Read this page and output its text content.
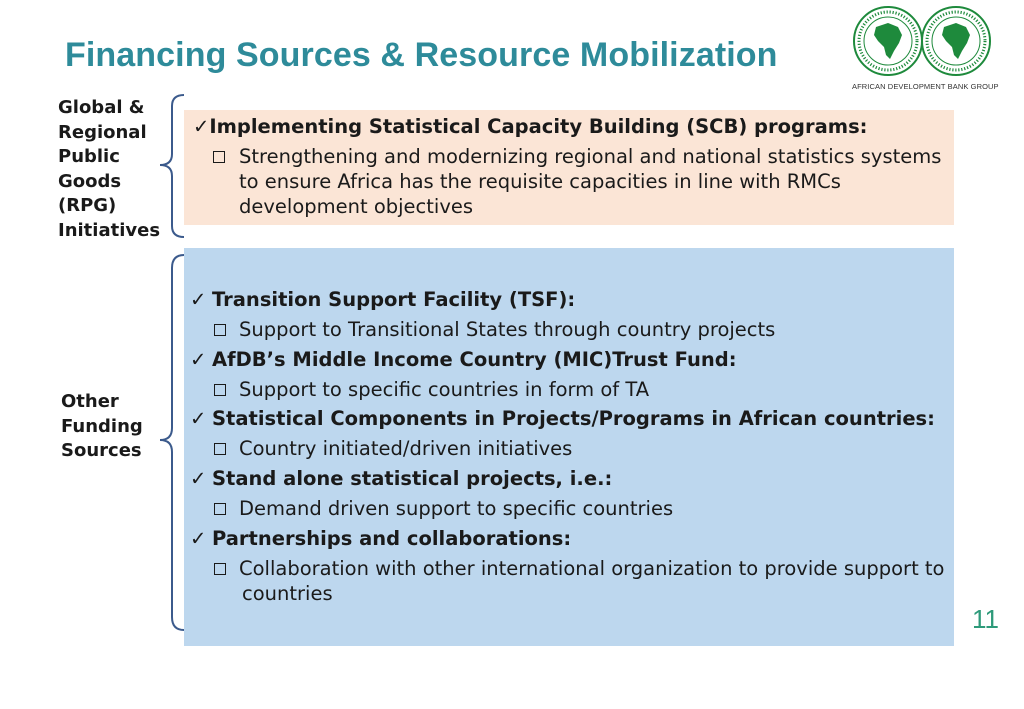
Financing Sources & Resource Mobilization
AFRICAN DEVELOPMENT BANK GROUP
Global &
Regional
Public
Goods
(RPG)
Initiatives
Other
Funding
Sources
✓Implementing Statistical Capacity Building (SCB) programs:
Strengthening and modernizing regional and national statistics systems
to ensure Africa has the requisite capacities in line with RMCs
development objectives
✓ Transition Support Facility (TSF):
Support to Transitional States through country projects
✓ AfDB’s Middle Income Country (MIC)Trust Fund:
Support to specific countries in form of TA
✓ Statistical Components in Projects/Programs in African countries:
Country initiated/driven initiatives
✓ Stand alone statistical projects, i.e.:
Demand driven support to specific countries
✓ Partnerships and collaborations:
Collaboration with other international organization to provide support to
countries
11
